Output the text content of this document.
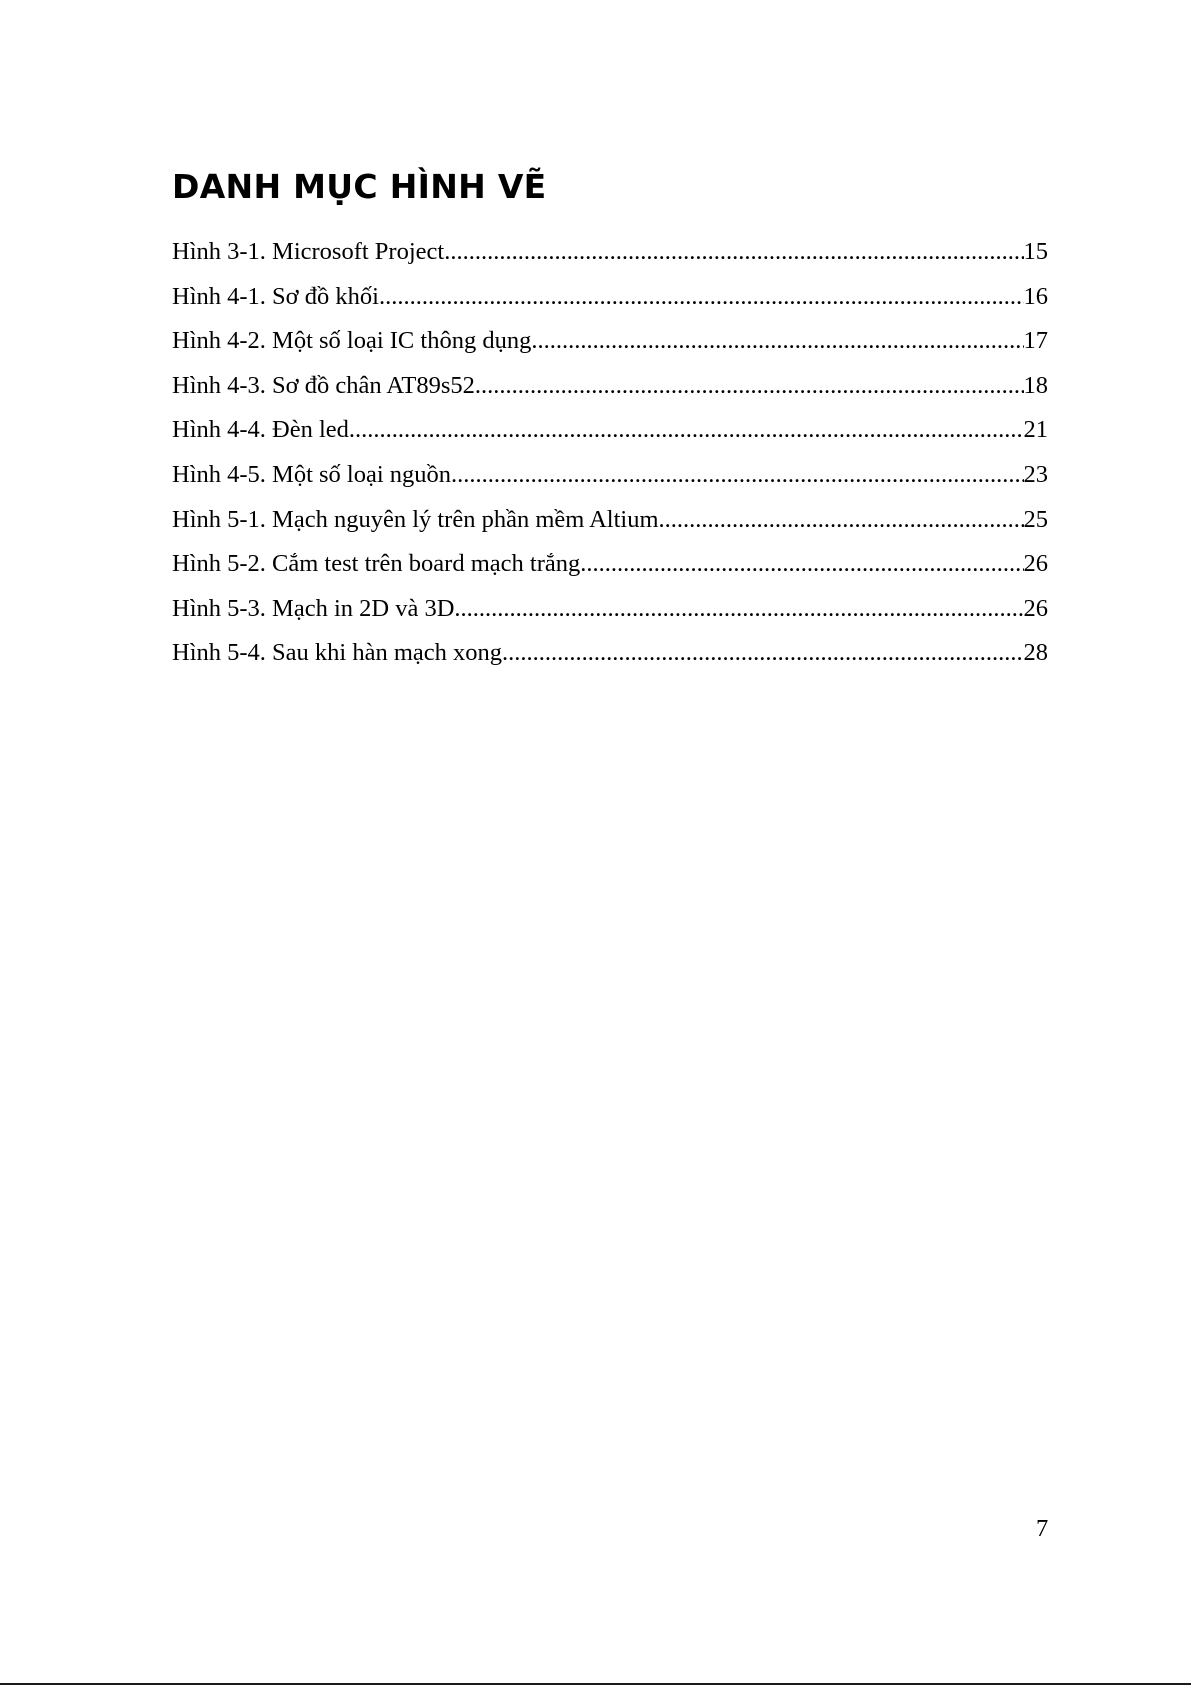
DANH MỤC HÌNH VẼ
Hình 3-1. Microsoft Project .....	15
Hình 4-1. Sơ đồ khối .....	16
Hình 4-2. Một số loại IC thông dụng .....	17
Hình 4-3. Sơ đồ chân AT89s52 .....	18
Hình 4-4. Đèn led .....	21
Hình 4-5. Một số loại nguồn .....	23
Hình 5-1. Mạch nguyên lý trên phần mềm Altium .....	25
Hình 5-2. Cắm test trên board mạch trắng .....	26
Hình 5-3. Mạch in 2D và 3D .....	26
Hình 5-4. Sau khi hàn mạch xong .....	28
7
